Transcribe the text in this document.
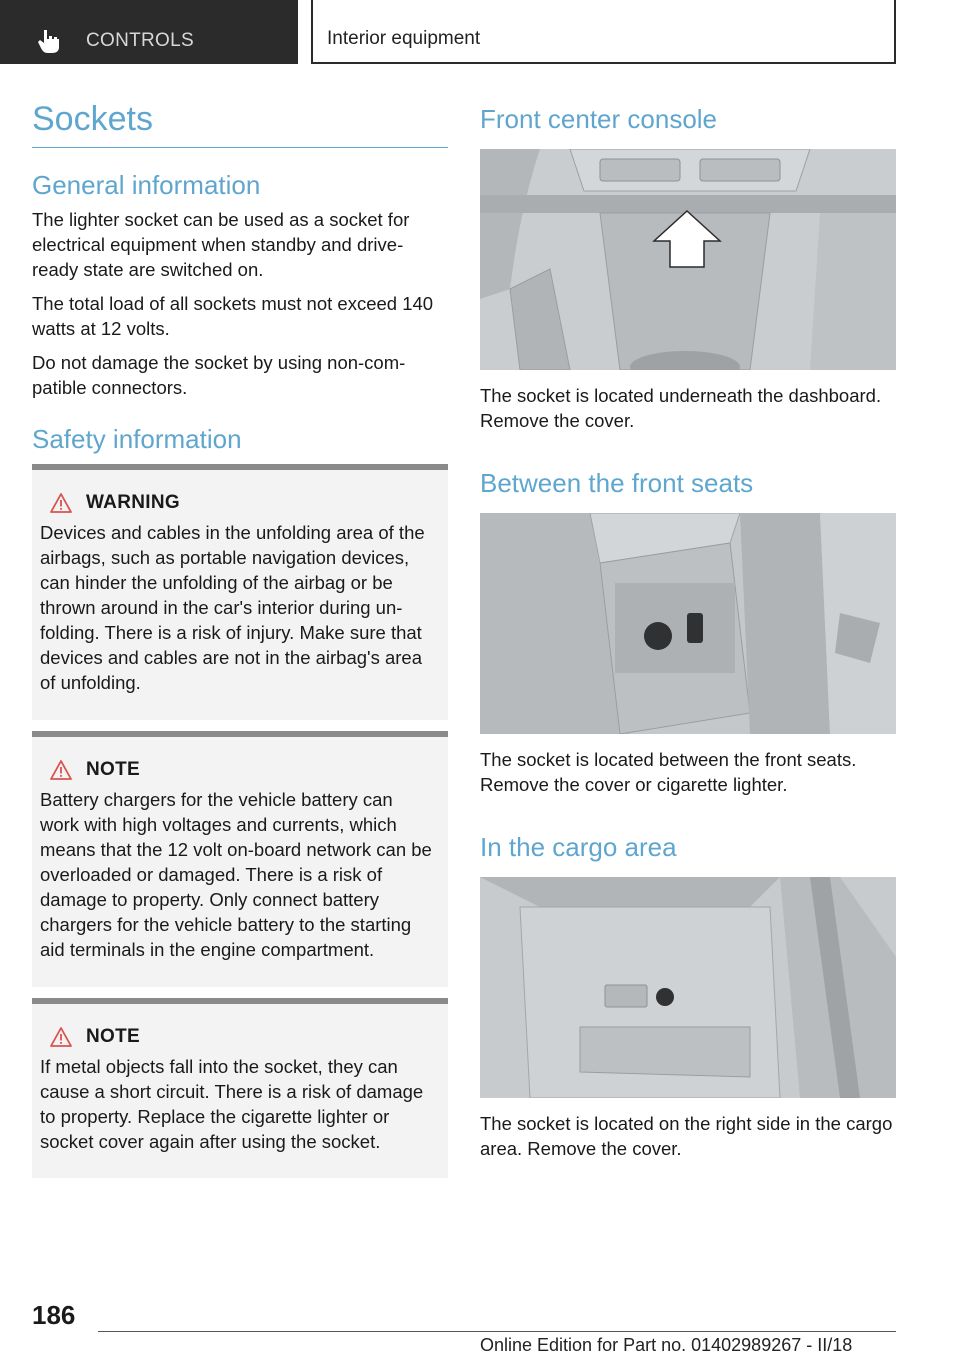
CONTROLS	Interior equipment
Sockets
General information

The lighter socket can be used as a socket for electrical equipment when standby and drive-ready state are switched on.

The total load of all sockets must not exceed 140 watts at 12 volts.

Do not damage the socket by using non-com-patible connectors.

Safety information
WARNING

Devices and cables in the unfolding area of the airbags, such as portable navigation devices, can hinder the unfolding of the airbag or be thrown around in the car's interior during un-folding. There is a risk of injury. Make sure that devices and cables are not in the airbag's area of unfolding.

NOTE

Battery chargers for the vehicle battery can work with high voltages and currents, which means that the 12 volt on-board network can be overloaded or damaged. There is a risk of damage to property. Only connect battery chargers for the vehicle battery to the starting aid terminals in the engine compartment.

NOTE

If metal objects fall into the socket, they can cause a short circuit. There is a risk of damage to property. Replace the cigarette lighter or socket cover again after using the socket.

Front center console

The socket is located underneath the dashboard. Remove the cover.

Between the front seats

The socket is located between the front seats. Remove the cover or cigarette lighter.

In the cargo area

The socket is located on the right side in the cargo area. Remove the cover.

186
Online Edition for Part no. 01402989267 - II/18
